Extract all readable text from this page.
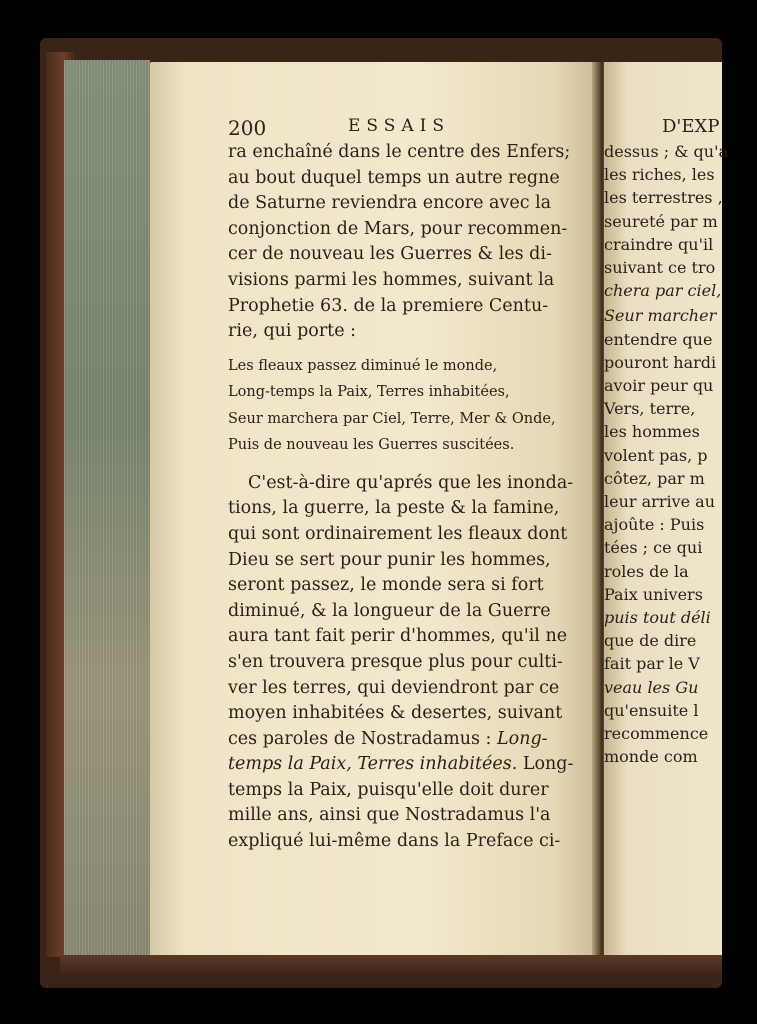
200	ESSAIS
ra enchaîné dans le centre des Enfers;
au bout duquel temps un autre regne
de Saturne reviendra encore avec la
conjonction de Mars, pour recommen-
cer de nouveau les Guerres & les di-
visions parmi les hommes, suivant la
Prophetie 63. de la premiere Centu-
rie, qui porte :
Les fleaux passez diminué le monde,
Long-temps la Paix, Terres inhabitées,
Seur marchera par Ciel, Terre, Mer & Onde,
Puis de nouveau les Guerres suscitées.
C'est-à-dire qu'aprés que les inonda-
tions, la guerre, la peste & la famine,
qui sont ordinairement les fleaux dont
Dieu se sert pour punir les hommes,
seront passez, le monde sera si fort
diminué, & la longueur de la Guerre
aura tant fait perir d'hommes, qu'il ne
s'en trouvera presque plus pour culti-
ver les terres, qui deviendront par ce
moyen inhabitées & desertes, suivant
ces paroles de Nostradamus : Long-
temps la Paix, Terres inhabitées. Long-
temps la Paix, puisqu'elle doit durer
mille ans, ainsi que Nostradamus l'a
expliqué lui-même dans la Preface ci-
D'EXP
dessus ; & qu'a
les riches, les
les terrestres ,
seureté par m
craindre qu'il
suivant ce tro
chera par ciel,
Seur marcher
entendre que
pouront hardi
avoir peur qu
Vers, terre,
les hommes
volent pas, p
côtez, par m
leur arrive au
ajoûte : Puis
tées ; ce qui
roles de la
Paix univers
puis tout déli
que de dire
fait par le V
veau les Gu
qu'ensuite l
recommence
monde com
